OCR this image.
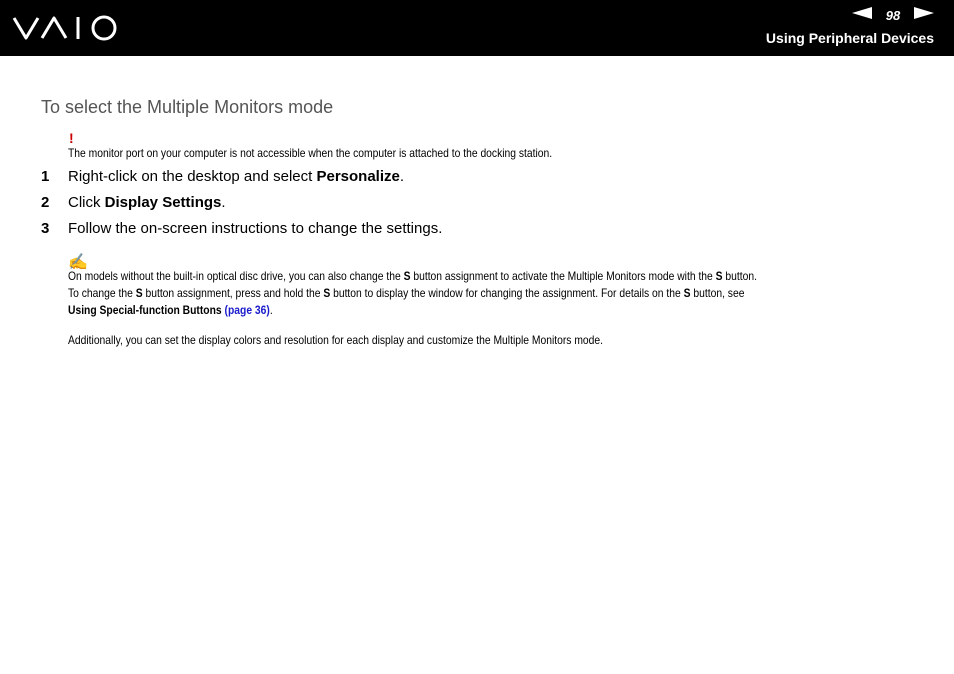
98
Using Peripheral Devices
To select the Multiple Monitors mode
!
The monitor port on your computer is not accessible when the computer is attached to the docking station.
1 Right-click on the desktop and select Personalize.
2 Click Display Settings.
3 Follow the on-screen instructions to change the settings.
✍
On models without the built-in optical disc drive, you can also change the S button assignment to activate the Multiple Monitors mode with the S button.
To change the S button assignment, press and hold the S button to display the window for changing the assignment. For details on the S button, see
Using Special-function Buttons (page 36).
Additionally, you can set the display colors and resolution for each display and customize the Multiple Monitors mode.
